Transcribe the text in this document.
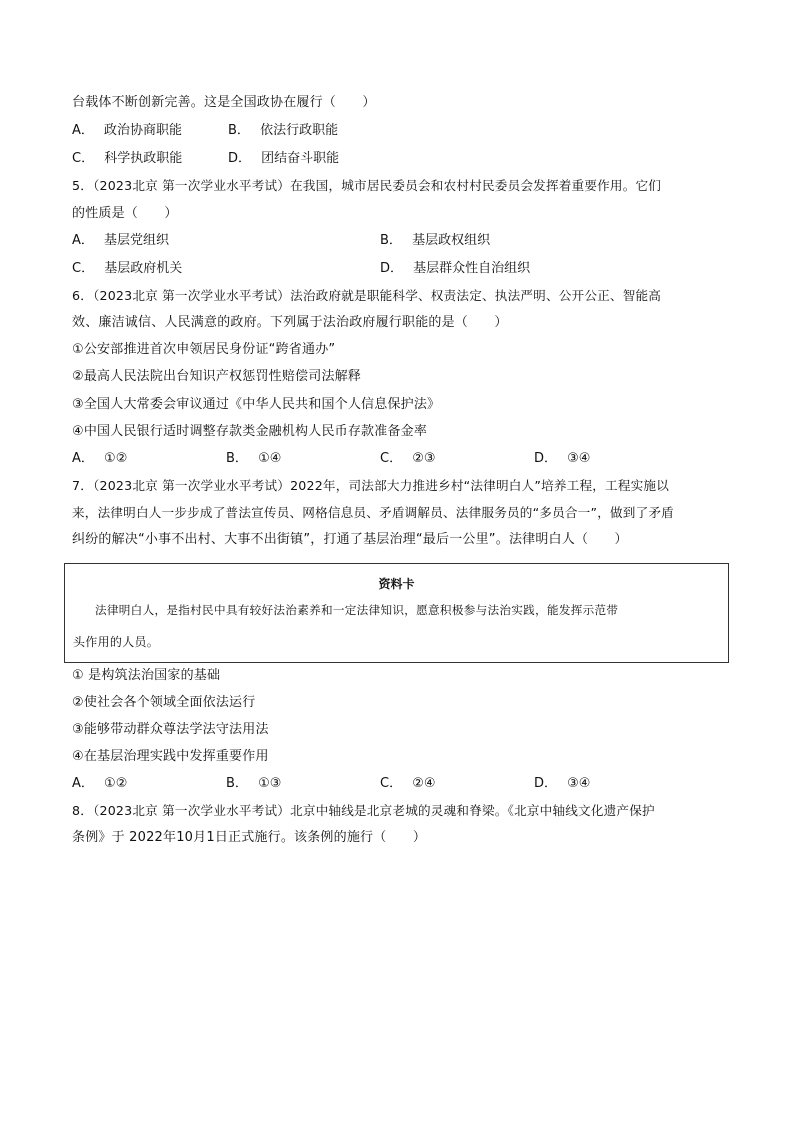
台载体不断创新完善。这是全国政协在履行（　　）
A． 政治协商职能	B． 依法行政职能
C． 科学执政职能	D． 团结奋斗职能
5．（2023北京 第一次学业水平考试）在我国，城市居民委员会和农村村民委员会发挥着重要作用。它们
的性质是（　　）
A． 基层党组织	B． 基层政权组织
C． 基层政府机关	D． 基层群众性自治组织
6．（2023北京 第一次学业水平考试）法治政府就是职能科学、权责法定、执法严明、公开公正、智能高
效、廉洁诚信、人民满意的政府。下列属于法治政府履行职能的是（　　）
①公安部推进首次申领居民身份证“跨省通办”
②最高人民法院出台知识产权惩罚性赔偿司法解释
③全国人大常委会审议通过《中华人民共和国个人信息保护法》
④中国人民银行适时调整存款类金融机构人民币存款准备金率
A． ①②	B． ①④	C． ②③	D． ③④
7．（2023北京 第一次学业水平考试）2022年，司法部大力推进乡村“法律明白人”培养工程，工程实施以
来，法律明白人一步步成了普法宣传员、网格信息员、矛盾调解员、法律服务员的“多员合一”，做到了矛盾
纠纷的解决“小事不出村、大事不出街镇”，打通了基层治理“最后一公里”。法律明白人（　　）
资料卡
法律明白人，是指村民中具有较好法治素养和一定法律知识，愿意积极参与法治实践，能发挥示范带
头作用的人员。
① 是构筑法治国家的基础
②使社会各个领域全面依法运行
③能够带动群众尊法学法守法用法
④在基层治理实践中发挥重要作用
A． ①②	B． ①③	C． ②④	D． ③④
8．（2023北京 第一次学业水平考试）北京中轴线是北京老城的灵魂和脊梁。《北京中轴线文化遗产保护
条例》于 2022年10月1日正式施行。该条例的施行（　　）
